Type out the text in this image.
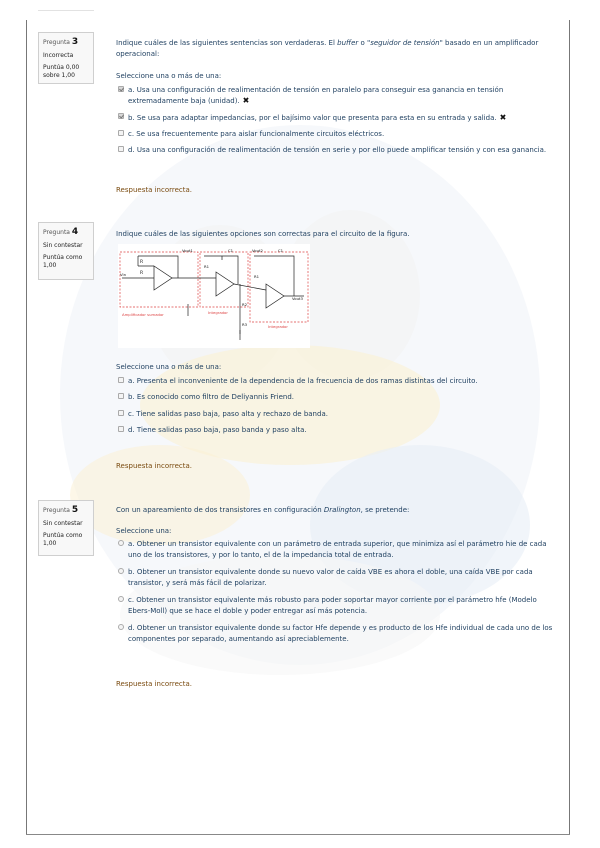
Pregunta 3
Incorrecta
Puntúa 0,00 sobre 1,00

Indique cuáles de las siguientes sentencias son verdaderas. El buffer o "seguidor de tensión" basado en un amplificador operacional:

Seleccione una o más de una:
a. Usa una configuración de realimentación de tensión en paralelo para conseguir esa ganancia en tensión extremadamente baja (unidad). ✖
b. Se usa para adaptar impedancias, por el bajísimo valor que presenta para esta en su entrada y salida. ✖
c. Se usa frecuentemente para aislar funcionalmente circuitos eléctricos.
d. Usa una configuración de realimentación de tensión en serie y por ello puede amplificar tensión y con esa ganancia.
Respuesta incorrecta.
Pregunta 4
Sin contestar
Puntúa como 1,00

Indique cuáles de las siguientes opciones son correctas para el circuito de la figura.

R
R
Vin
Vout1	C1	Vout2	C1
Vout3
R1
R1
R2
R3
Amplificador sumador	Integrador
Integrador
Seleccione una o más de una:
a. Presenta el inconveniente de la dependencia de la frecuencia de dos ramas distintas del circuito.
b. Es conocido como filtro de Deliyannis Friend.
c. Tiene salidas paso baja, paso alta y rechazo de banda.
d. Tiene salidas paso baja, paso banda y paso alta.
Respuesta incorrecta.
Pregunta 5
Sin contestar
Puntúa como 1,00

Con un apareamiento de dos transistores en configuración Dralington, se pretende:

Seleccione una:
a. Obtener un transistor equivalente con un parámetro de entrada superior, que minimiza así el parámetro hie de cada uno de los transistores, y por lo tanto, el de la impedancia total de entrada.
b. Obtener un transistor equivalente donde su nuevo valor de caída VBE es ahora el doble, una caída VBE por cada transistor, y será más fácil de polarizar.
c. Obtener un transistor equivalente más robusto para poder soportar mayor corriente por el parámetro hfe (Modelo Ebers-Moll) que se hace el doble y poder entregar así más potencia.
d. Obtener un transistor equivalente donde su factor Hfe depende y es producto de los Hfe individual de cada uno de los componentes por separado, aumentando así apreciablemente.
Respuesta incorrecta.
